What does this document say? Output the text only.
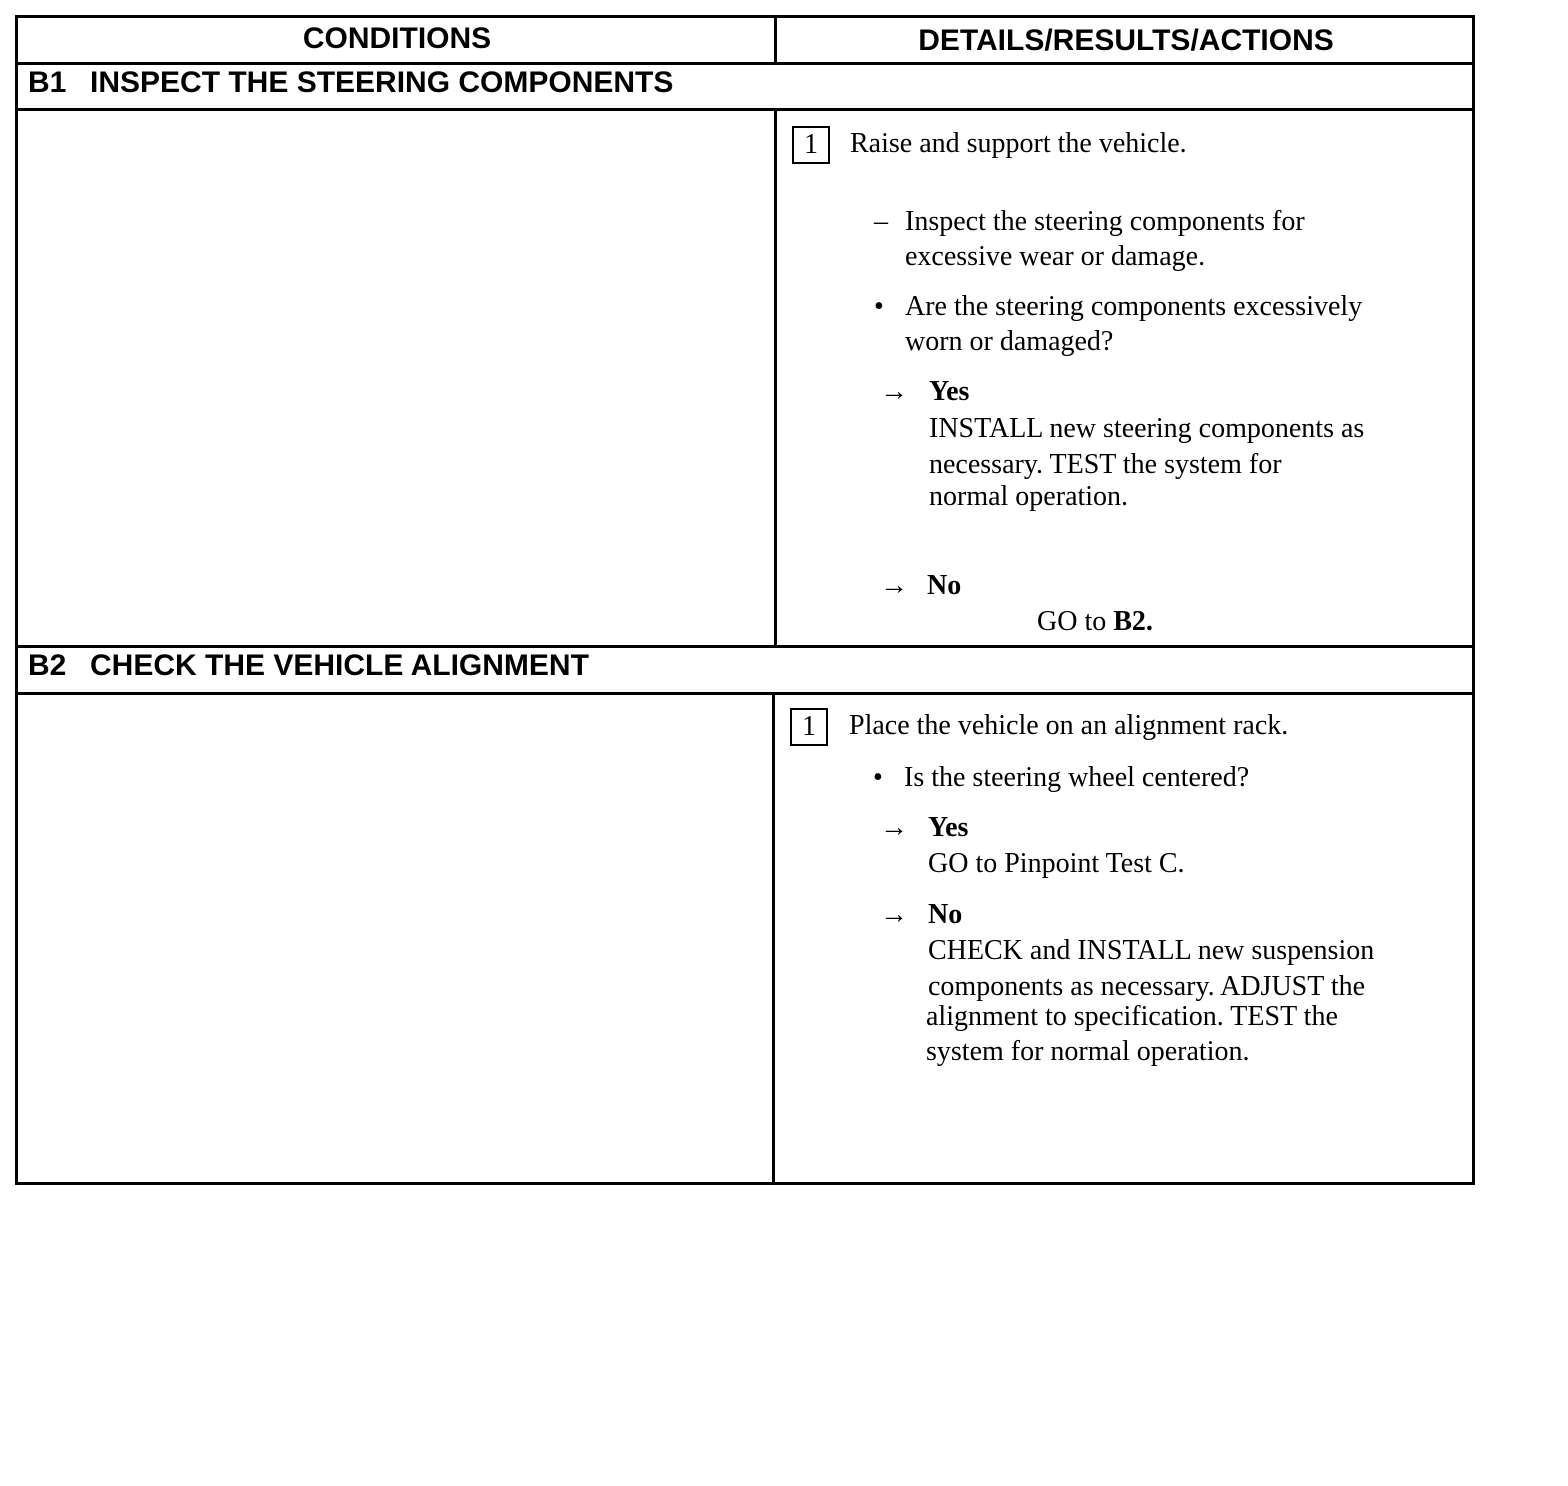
CONDITIONS	DETAILS/RESULTS/ACTIONS
B1 INSPECT THE STEERING COMPONENTS
1	Raise and support the vehicle.
– Inspect the steering components for
excessive wear or damage.
• Are the steering components excessively
worn or damaged?
→ Yes
INSTALL new steering components as
necessary. TEST the system for
normal operation.
→ No
GO to B2.
B2 CHECK THE VEHICLE ALIGNMENT
1	Place the vehicle on an alignment rack.
• Is the steering wheel centered?
→ Yes
GO to Pinpoint Test C.
→ No
CHECK and INSTALL new suspension
components as necessary. ADJUST the
alignment to specification. TEST the
system for normal operation.
